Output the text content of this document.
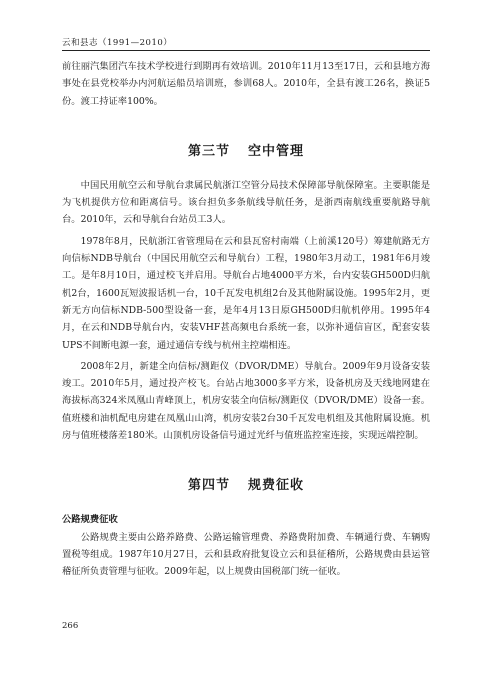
云和县志（1991—2010）

前往丽汽集团汽车技术学校进行到期再有效培训。2010年11月13至17日，云和县地方海事处在县党校举办内河航运船员培训班，参训68人。2010年，全县有渡工26名，换证5份。渡工持证率100%。

第三节 空中管理

中国民用航空云和导航台隶属民航浙江空管分局技术保障部导航保障室。主要职能是为飞机提供方位和距离信号。该台担负多条航线导航任务，是浙西南航线重要航路导航台。2010年，云和导航台台站员工3人。

1978年8月，民航浙江省管理局在云和县瓦窑村南端（上前溪120号）筹建航路无方向信标NDB导航台（中国民用航空云和导航台）工程，1980年3月动工，1981年6月竣工。是年8月10日，通过校飞并启用。导航台占地4000平方米，台内安装GH500D归航机2台，1600瓦短波报话机一台，10千瓦发电机组2台及其他附属设施。1995年2月，更新无方向信标NDB-500型设备一套，是年4月13日原GH500D归航机停用。1995年4月，在云和NDB导航台内，安装VHF甚高频电台系统一套，以弥补通信盲区，配套安装UPS不间断电源一套，通过通信专线与杭州主控端相连。

2008年2月，新建全向信标/测距仪（DVOR/DME）导航台。2009年9月设备安装竣工。2010年5月，通过投产校飞。台站占地3000多平方米，设备机房及天线地网建在海拔标高324米凤凰山青峰顶上，机房安装全向信标/测距仪（DVOR/DME）设备一套。值班楼和油机配电房建在凤凰山山湾，机房安装2台30千瓦发电机组及其他附属设施。机房与值班楼落差180米。山顶机房设备信号通过光纤与值班监控室连接，实现远端控制。

第四节 规费征收
公路规费征收

公路规费主要由公路养路费、公路运输管理费、养路费附加费、车辆通行费、车辆购置税等组成。1987年10月27日，云和县政府批复设立云和县征稽所，公路规费由县运管稽征所负责管理与征收。2009年起，以上规费由国税部门统一征收。

266
